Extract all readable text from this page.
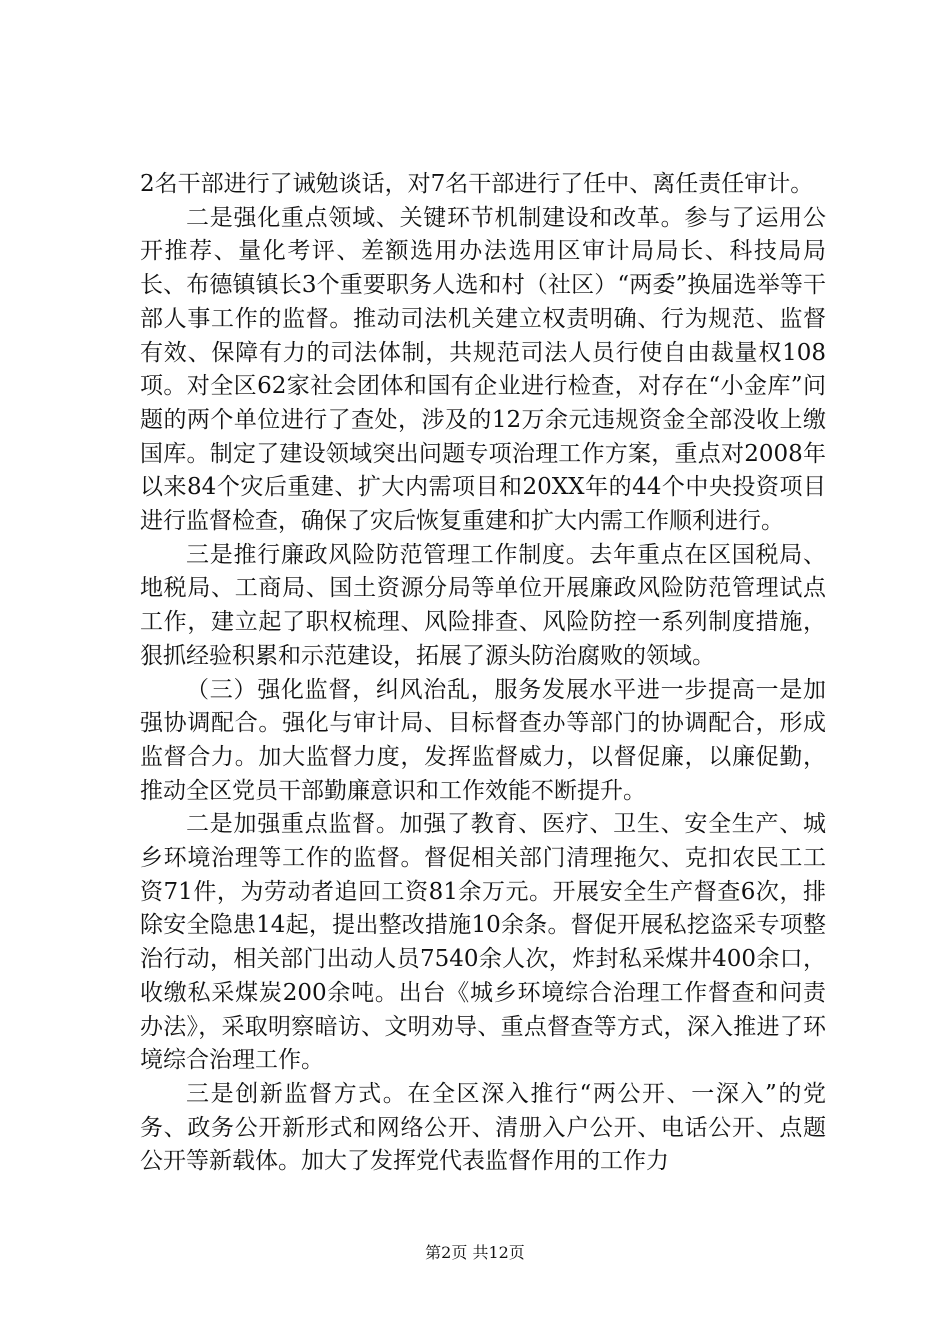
2名干部进行了诫勉谈话，对7名干部进行了任中、离任责任审计。

二是强化重点领域、关键环节机制建设和改革。参与了运用公开推荐、量化考评、差额选用办法选用区审计局局长、科技局局长、布德镇镇长3个重要职务人选和村（社区）“两委”换届选举等干部人事工作的监督。推动司法机关建立权责明确、行为规范、监督有效、保障有力的司法体制，共规范司法人员行使自由裁量权108项。对全区62家社会团体和国有企业进行检查，对存在“小金库”问题的两个单位进行了查处，涉及的12万余元违规资金全部没收上缴国库。制定了建设领域突出问题专项治理工作方案，重点对2008年以来84个灾后重建、扩大内需项目和20XX年的44个中央投资项目进行监督检查，确保了灾后恢复重建和扩大内需工作顺利进行。

三是推行廉政风险防范管理工作制度。去年重点在区国税局、地税局、工商局、国土资源分局等单位开展廉政风险防范管理试点工作，建立起了职权梳理、风险排查、风险防控一系列制度措施，狠抓经验积累和示范建设，拓展了源头防治腐败的领域。

（三）强化监督，纠风治乱，服务发展水平进一步提高一是加强协调配合。强化与审计局、目标督查办等部门的协调配合，形成监督合力。加大监督力度，发挥监督威力，以督促廉，以廉促勤，推动全区党员干部勤廉意识和工作效能不断提升。

二是加强重点监督。加强了教育、医疗、卫生、安全生产、城乡环境治理等工作的监督。督促相关部门清理拖欠、克扣农民工工资71件，为劳动者追回工资81余万元。开展安全生产督查6次，排除安全隐患14起，提出整改措施10余条。督促开展私挖盗采专项整治行动，相关部门出动人员7540余人次，炸封私采煤井400余口，收缴私采煤炭200余吨。出台《城乡环境综合治理工作督查和问责办法》，采取明察暗访、文明劝导、重点督查等方式，深入推进了环境综合治理工作。

三是创新监督方式。在全区深入推行“两公开、一深入”的党务、政务公开新形式和网络公开、清册入户公开、电话公开、点题公开等新载体。加大了发挥党代表监督作用的工作力

第2页 共12页
